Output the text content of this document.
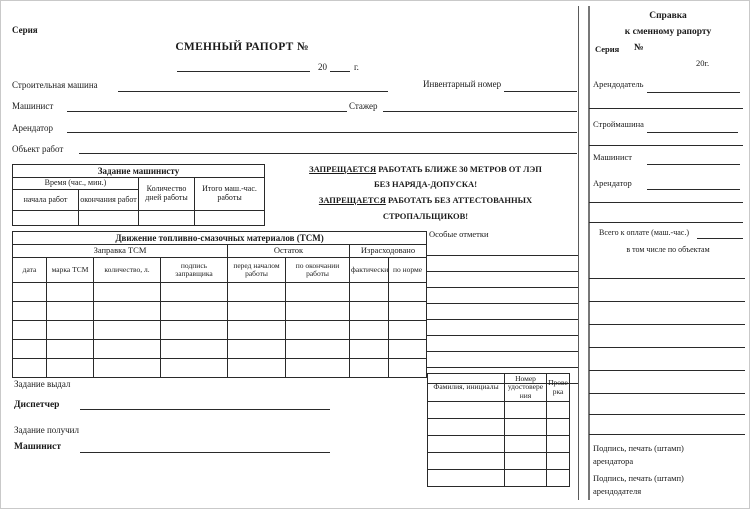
Серия
СМЕННЫЙ РАПОРТ №
20	г.
Строительная машина	Инвентарный номер
Машинист	Стажер
Арендатор
Объект работ
Задание машинисту			
Время (час., мин.)		Количество дней работы	Итого маш.-час. работы
начала работ	окончания работ		

ЗАПРЕЩАЕТСЯ РАБОТАТЬ БЛИЖЕ 30 МЕТРОВ ОТ ЛЭП
БЕЗ НАРЯДА-ДОПУСКА!
ЗАПРЕЩАЕТСЯ РАБОТАТЬ БЕЗ АТТЕСТОВАННЫХ
СТРОПАЛЬЩИКОВ!
Движение топливно-смазочных материалов (ТСМ)							
Заправка ТСМ				Остаток		Израсходовано	
дата	марка ТСМ	количество, л.	подпись заправщика	перед началом работы	по окончании работы	фактически	по норме

Особые отметки
Фамилия, инициалы	Номер удостоверения	Проверка

Задание выдал
Диспетчер
Задание получил
Машинист
Справка
к сменному рапорту
Серия №
20г.
Арендодатель
Строймашина
Машинист
Арендатор
Всего к оплате (маш.-час.)
в том числе по объектам
Подпись, печать (штамп)
арендатора
Подпись, печать (штамп)
арендодателя
